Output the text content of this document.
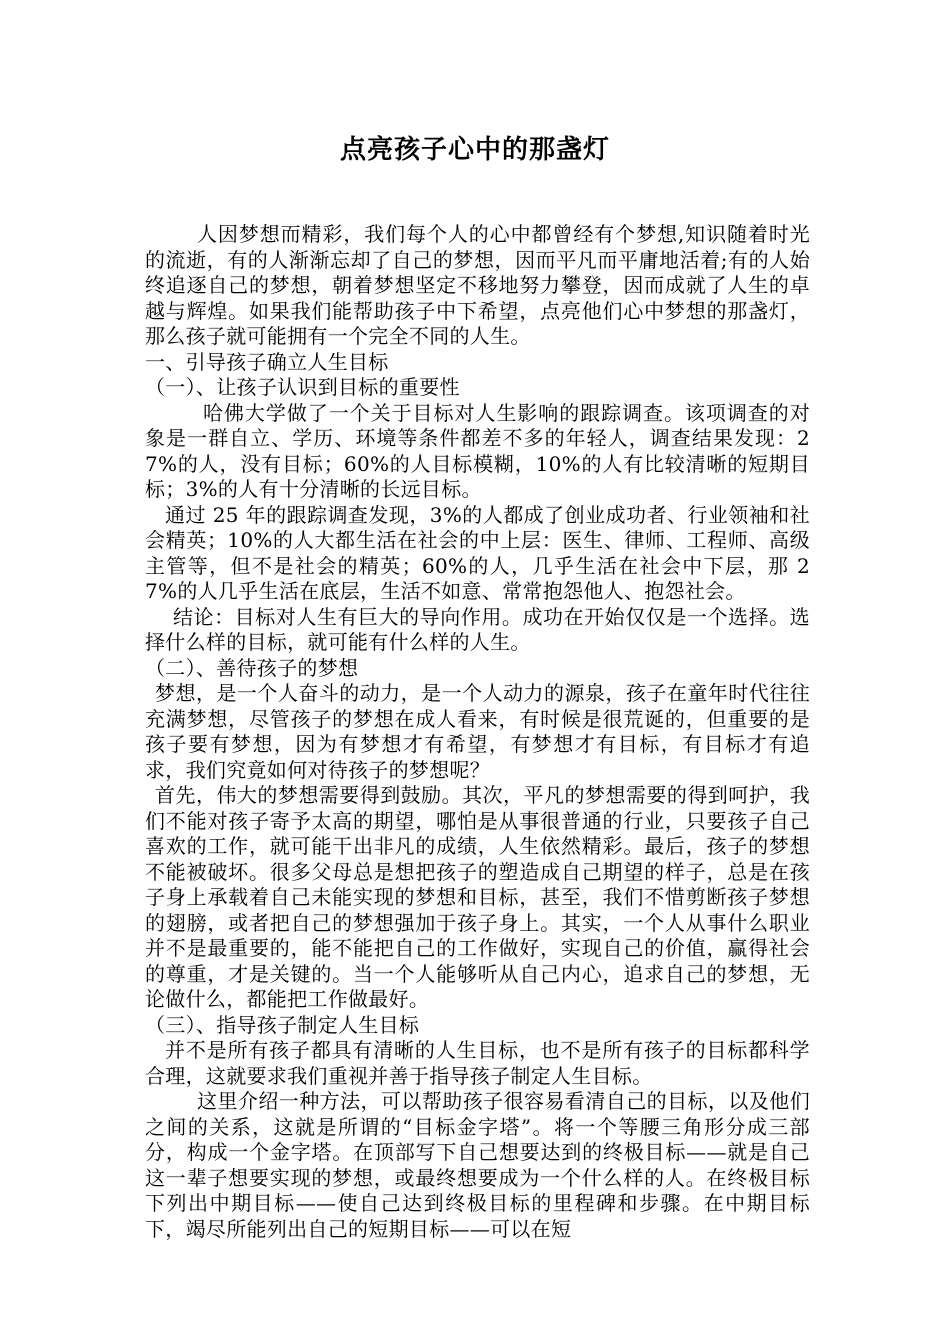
点亮孩子心中的那盏灯

人因梦想而精彩，我们每个人的心中都曾经有个梦想,知识随着时光的流逝，有的人渐渐忘却了自己的梦想，因而平凡而平庸地活着;有的人始终追逐自己的梦想，朝着梦想坚定不移地努力攀登，因而成就了人生的卓越与辉煌。如果我们能帮助孩子中下希望，点亮他们心中梦想的那盏灯，那么孩子就可能拥有一个完全不同的人生。

一、引导孩子确立人生目标

（一）、让孩子认识到目标的重要性

哈佛大学做了一个关于目标对人生影响的跟踪调查。该项调查的对象是一群自立、学历、环境等条件都差不多的年轻人，调查结果发现：27%的人，没有目标；60%的人目标模糊，10%的人有比较清晰的短期目标；3%的人有十分清晰的长远目标。

通过 25 年的跟踪调查发现，3%的人都成了创业成功者、行业领袖和社会精英；10%的人大都生活在社会的中上层：医生、律师、工程师、高级主管等，但不是社会的精英；60%的人，几乎生活在社会中下层，那 27%的人几乎生活在底层，生活不如意、常常抱怨他人、抱怨社会。

结论：目标对人生有巨大的导向作用。成功在开始仅仅是一个选择。选择什么样的目标，就可能有什么样的人生。

（二）、善待孩子的梦想

梦想，是一个人奋斗的动力，是一个人动力的源泉，孩子在童年时代往往充满梦想，尽管孩子的梦想在成人看来，有时候是很荒诞的，但重要的是孩子要有梦想，因为有梦想才有希望，有梦想才有目标，有目标才有追求，我们究竟如何对待孩子的梦想呢？

首先，伟大的梦想需要得到鼓励。其次，平凡的梦想需要的得到呵护，我们不能对孩子寄予太高的期望，哪怕是从事很普通的行业，只要孩子自己喜欢的工作，就可能干出非凡的成绩，人生依然精彩。最后，孩子的梦想不能被破坏。很多父母总是想把孩子的塑造成自己期望的样子，总是在孩子身上承载着自己未能实现的梦想和目标，甚至，我们不惜剪断孩子梦想的翅膀，或者把自己的梦想强加于孩子身上。其实，一个人从事什么职业并不是最重要的，能不能把自己的工作做好，实现自己的价值，赢得社会的尊重，才是关键的。当一个人能够听从自己内心，追求自己的梦想，无论做什么，都能把工作做最好。

（三）、指导孩子制定人生目标

并不是所有孩子都具有清晰的人生目标，也不是所有孩子的目标都科学合理，这就要求我们重视并善于指导孩子制定人生目标。

这里介绍一种方法，可以帮助孩子很容易看清自己的目标，以及他们之间的关系，这就是所谓的“目标金字塔”。将一个等腰三角形分成三部分，构成一个金字塔。在顶部写下自己想要达到的终极目标——就是自己这一辈子想要实现的梦想，或最终想要成为一个什么样的人。在终极目标下列出中期目标——使自己达到终极目标的里程碑和步骤。在中期目标下，竭尽所能列出自己的短期目标——可以在短
